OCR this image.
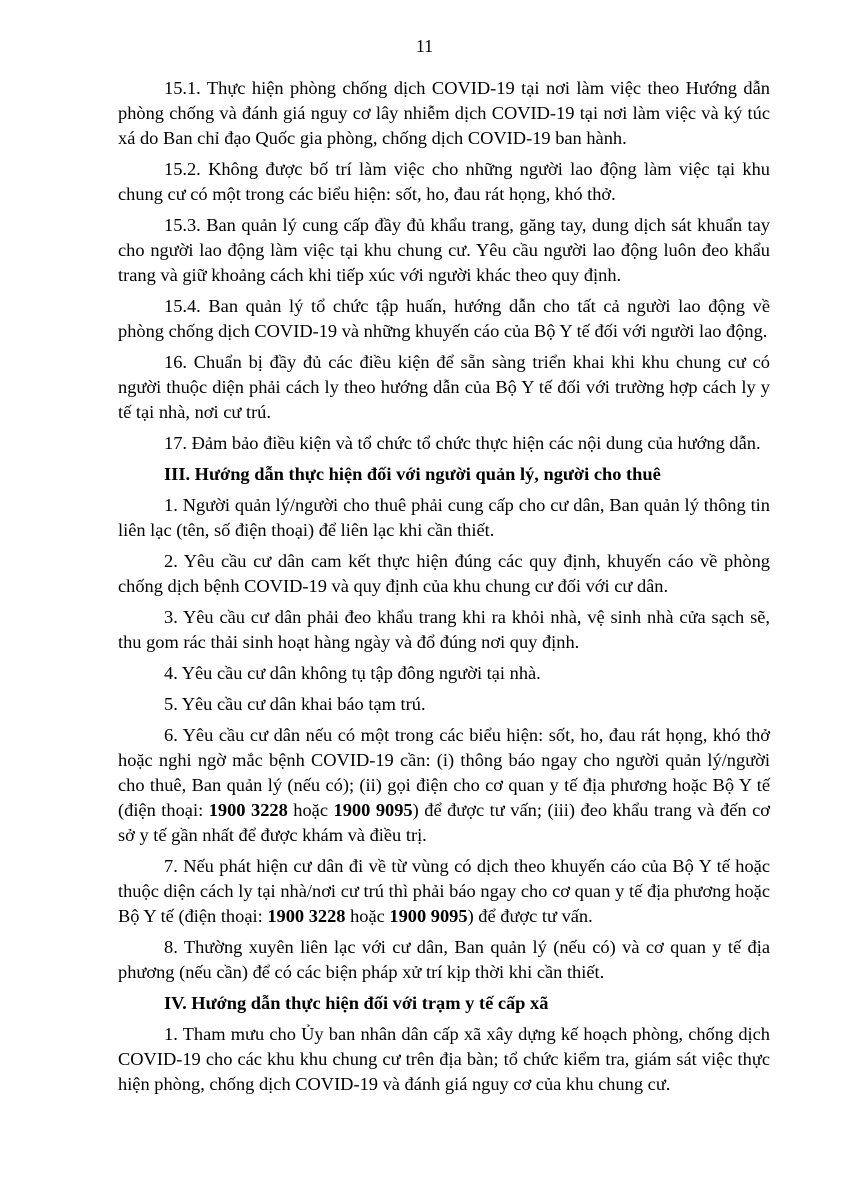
11

15.1. Thực hiện phòng chống dịch COVID-19 tại nơi làm việc theo Hướng dẫn phòng chống và đánh giá nguy cơ lây nhiễm dịch COVID-19 tại nơi làm việc và ký túc xá do Ban chỉ đạo Quốc gia phòng, chống dịch COVID-19 ban hành.

15.2. Không được bố trí làm việc cho những người lao động làm việc tại khu chung cư có một trong các biểu hiện: sốt, ho, đau rát họng, khó thở.

15.3. Ban quản lý cung cấp đầy đủ khẩu trang, găng tay, dung dịch sát khuẩn tay cho người lao động làm việc tại khu chung cư. Yêu cầu người lao động luôn đeo khẩu trang và giữ khoảng cách khi tiếp xúc với người khác theo quy định.

15.4. Ban quản lý tổ chức tập huấn, hướng dẫn cho tất cả người lao động về phòng chống dịch COVID-19 và những khuyến cáo của Bộ Y tế đối với người lao động.

16. Chuẩn bị đầy đủ các điều kiện để sẵn sàng triển khai khi khu chung cư có người thuộc diện phải cách ly theo hướng dẫn của Bộ Y tế đối với trường hợp cách ly y tế tại nhà, nơi cư trú.

17. Đảm bảo điều kiện và tổ chức tổ chức thực hiện các nội dung của hướng dẫn.

III. Hướng dẫn thực hiện đối với người quản lý, người cho thuê

1. Người quản lý/người cho thuê phải cung cấp cho cư dân, Ban quản lý thông tin liên lạc (tên, số điện thoại) để liên lạc khi cần thiết.

2. Yêu cầu cư dân cam kết thực hiện đúng các quy định, khuyến cáo về phòng chống dịch bệnh COVID-19 và quy định của khu chung cư đối với cư dân.

3. Yêu cầu cư dân phải đeo khẩu trang khi ra khỏi nhà, vệ sinh nhà cửa sạch sẽ, thu gom rác thải sinh hoạt hàng ngày và đổ đúng nơi quy định.

4. Yêu cầu cư dân không tụ tập đông người tại nhà.

5. Yêu cầu cư dân khai báo tạm trú.

6. Yêu cầu cư dân nếu có một trong các biểu hiện: sốt, ho, đau rát họng, khó thở hoặc nghi ngờ mắc bệnh COVID-19 cần: (i) thông báo ngay cho người quản lý/người cho thuê, Ban quản lý (nếu có); (ii) gọi điện cho cơ quan y tế địa phương hoặc Bộ Y tế (điện thoại: 1900 3228 hoặc 1900 9095) để được tư vấn; (iii) đeo khẩu trang và đến cơ sở y tế gần nhất để được khám và điều trị.

7. Nếu phát hiện cư dân đi về từ vùng có dịch theo khuyến cáo của Bộ Y tế hoặc thuộc diện cách ly tại nhà/nơi cư trú thì phải báo ngay cho cơ quan y tế địa phương hoặc Bộ Y tế (điện thoại: 1900 3228 hoặc 1900 9095) để được tư vấn.

8. Thường xuyên liên lạc với cư dân, Ban quản lý (nếu có) và cơ quan y tế địa phương (nếu cần) để có các biện pháp xử trí kịp thời khi cần thiết.

IV. Hướng dẫn thực hiện đối với trạm y tế cấp xã

1. Tham mưu cho Ủy ban nhân dân cấp xã xây dựng kế hoạch phòng, chống dịch COVID-19 cho các khu khu chung cư trên địa bàn; tổ chức kiểm tra, giám sát việc thực hiện phòng, chống dịch COVID-19 và đánh giá nguy cơ của khu chung cư.
